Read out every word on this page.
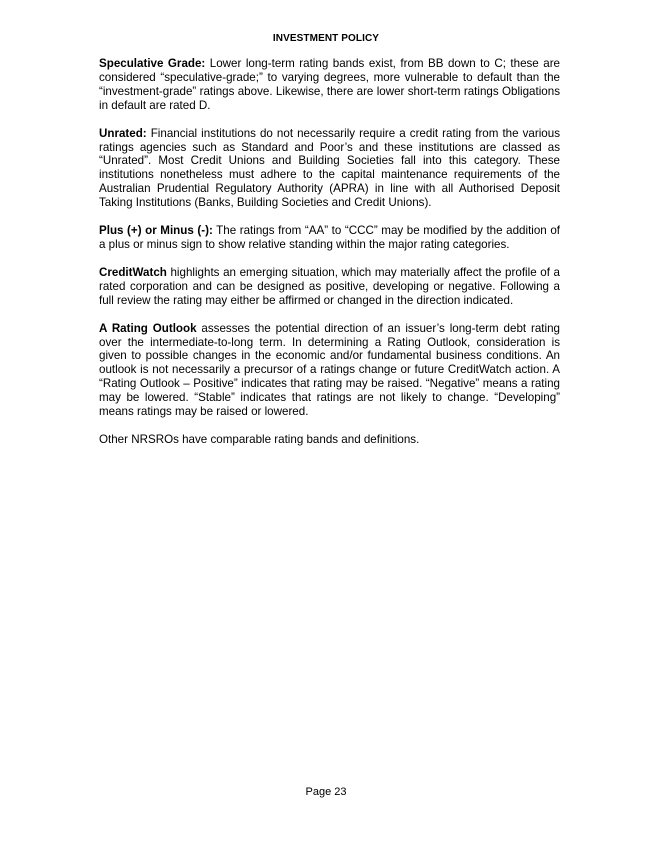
INVESTMENT POLICY

Speculative Grade: Lower long-term rating bands exist, from BB down to C; these are considered “speculative-grade;” to varying degrees, more vulnerable to default than the “investment-grade” ratings above. Likewise, there are lower short-term ratings Obligations in default are rated D.

Unrated: Financial institutions do not necessarily require a credit rating from the various ratings agencies such as Standard and Poor’s and these institutions are classed as “Unrated”. Most Credit Unions and Building Societies fall into this category. These institutions nonetheless must adhere to the capital maintenance requirements of the Australian Prudential Regulatory Authority (APRA) in line with all Authorised Deposit Taking Institutions (Banks, Building Societies and Credit Unions).

Plus (+) or Minus (-): The ratings from “AA” to “CCC” may be modified by the addition of a plus or minus sign to show relative standing within the major rating categories.

CreditWatch highlights an emerging situation, which may materially affect the profile of a rated corporation and can be designed as positive, developing or negative. Following a full review the rating may either be affirmed or changed in the direction indicated.

A Rating Outlook assesses the potential direction of an issuer’s long-term debt rating over the intermediate-to-long term. In determining a Rating Outlook, consideration is given to possible changes in the economic and/or fundamental business conditions. An outlook is not necessarily a precursor of a ratings change or future CreditWatch action. A “Rating Outlook – Positive” indicates that rating may be raised. “Negative” means a rating may be lowered. “Stable” indicates that ratings are not likely to change. “Developing” means ratings may be raised or lowered.

Other NRSROs have comparable rating bands and definitions.

Page 23
